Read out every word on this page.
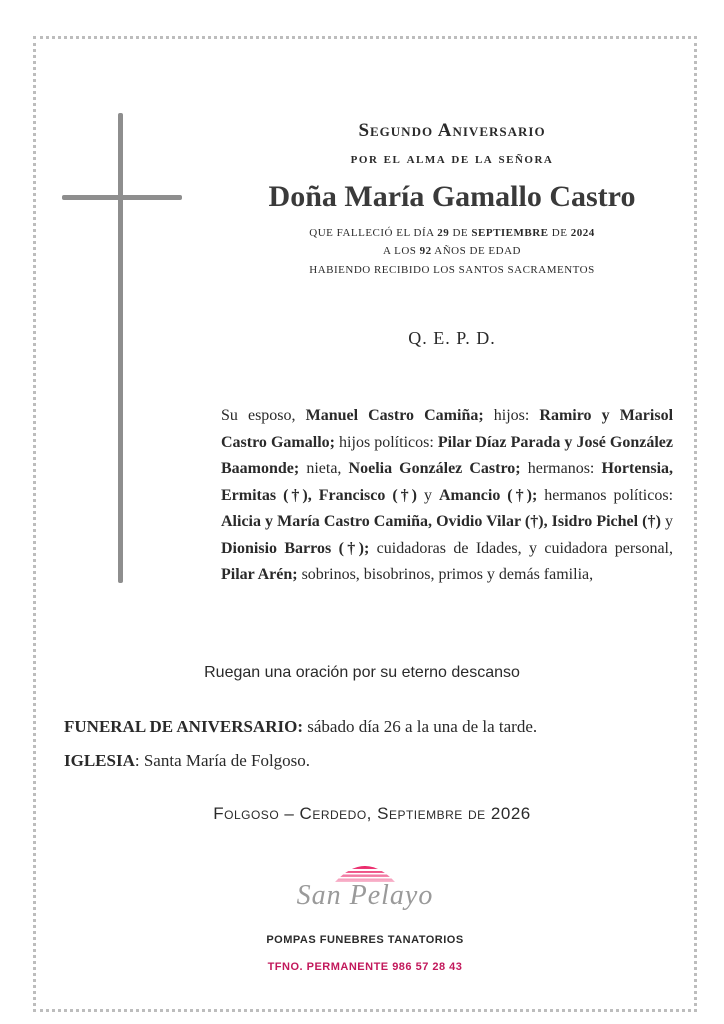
Segundo Aniversario
por el alma de la señora
Doña María Gamallo Castro
QUE FALLECIÓ EL DÍA 29 DE SEPTIEMBRE DE 2024
A LOS 92 AÑOS DE EDAD
HABIENDO RECIBIDO LOS SANTOS SACRAMENTOS
Q. E. P. D.
Su esposo, Manuel Castro Camiña; hijos: Ramiro y Marisol Castro Gamallo; hijos políticos: Pilar Díaz Parada y José González Baamonde; nieta, Noelia González Castro; hermanos: Hortensia, Ermitas (†), Francisco (†) y Amancio (†); hermanos políticos: Alicia y María Castro Camiña, Ovidio Vilar (†), Isidro Pichel (†) y Dionisio Barros (†); cuidadoras de Idades, y cuidadora personal, Pilar Arén; sobrinos, bisobrinos, primos y demás familia,
Ruegan una oración por su eterno descanso
FUNERAL DE ANIVERSARIO: sábado día 26 a la una de la tarde.
IGLESIA: Santa María de Folgoso.
Folgoso – Cerdedo, Septiembre de 2026
San Pelayo
POMPAS FUNEBRES TANATORIOS
TFNO. PERMANENTE 986 57 28 43
